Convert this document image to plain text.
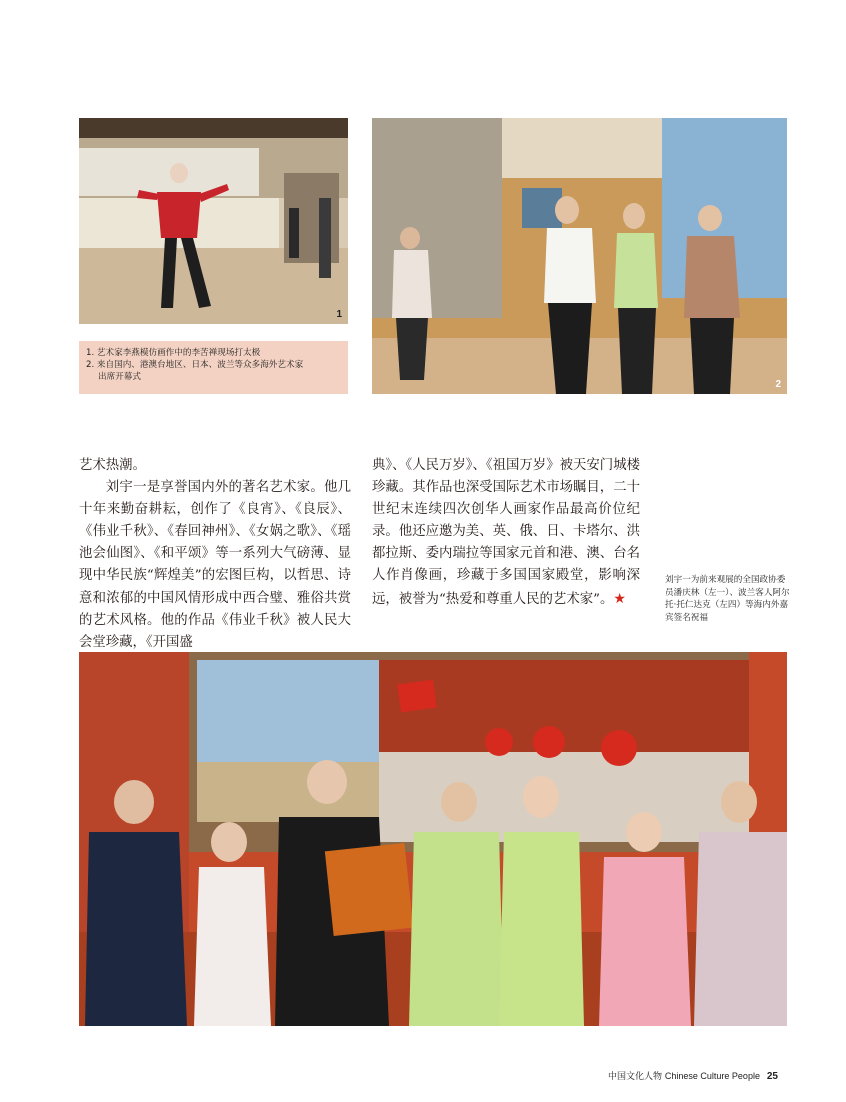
1
2
1. 艺术家李燕模仿画作中的李苦禅现场打太极
2. 来自国内、港澳台地区、日本、波兰等众多海外艺术家
出席开幕式

艺术热潮。

刘宇一是享誉国内外的著名艺术家。他几十年来勤奋耕耘，创作了《良宵》、《良辰》、《伟业千秋》、《春回神州》、《女娲之歌》、《瑶池会仙图》、《和平颂》等一系列大气磅薄、显现中华民族“辉煌美”的宏图巨构，以哲思、诗意和浓郁的中国风情形成中西合璧、雅俗共赏的艺术风格。他的作品《伟业千秋》被人民大会堂珍藏，《开国盛

典》、《人民万岁》、《祖国万岁》被天安门城楼珍藏。其作品也深受国际艺术市场瞩目，二十世纪末连续四次创华人画家作品最高价位纪录。他还应邀为美、英、俄、日、卡塔尔、洪都拉斯、委内瑞拉等国家元首和港、澳、台名人作肖像画，珍藏于多国国家殿堂，影响深远，被誉为“热爱和尊重人民的艺术家”。★

刘宇一为前来观展的全国政协委员潘庆林（左一）、波兰客人阿尔托·托仁达克（左四）等海内外嘉宾签名祝福
中国文化人物 Chinese Culture People 25
